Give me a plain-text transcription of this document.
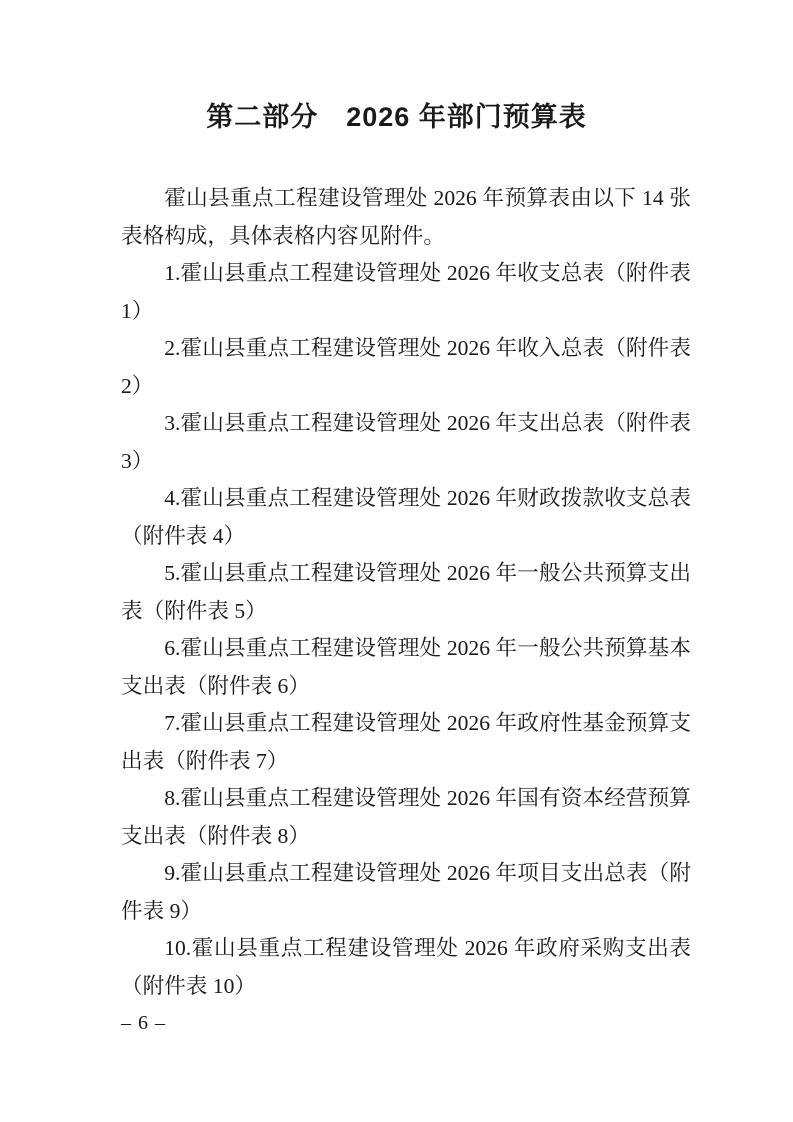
第二部分　2026 年部门预算表

霍山县重点工程建设管理处 2026 年预算表由以下 14 张表格构成，具体表格内容见附件。

1.霍山县重点工程建设管理处 2026 年收支总表（附件表 1）

2.霍山县重点工程建设管理处 2026 年收入总表（附件表 2）

3.霍山县重点工程建设管理处 2026 年支出总表（附件表 3）

4.霍山县重点工程建设管理处 2026 年财政拨款收支总表（附件表 4）

5.霍山县重点工程建设管理处 2026 年一般公共预算支出表（附件表 5）

6.霍山县重点工程建设管理处 2026 年一般公共预算基本支出表（附件表 6）

7.霍山县重点工程建设管理处 2026 年政府性基金预算支出表（附件表 7）

8.霍山县重点工程建设管理处 2026 年国有资本经营预算支出表（附件表 8）

9.霍山县重点工程建设管理处 2026 年项目支出总表（附件表 9）

10.霍山县重点工程建设管理处 2026 年政府采购支出表（附件表 10）

– 6 –
